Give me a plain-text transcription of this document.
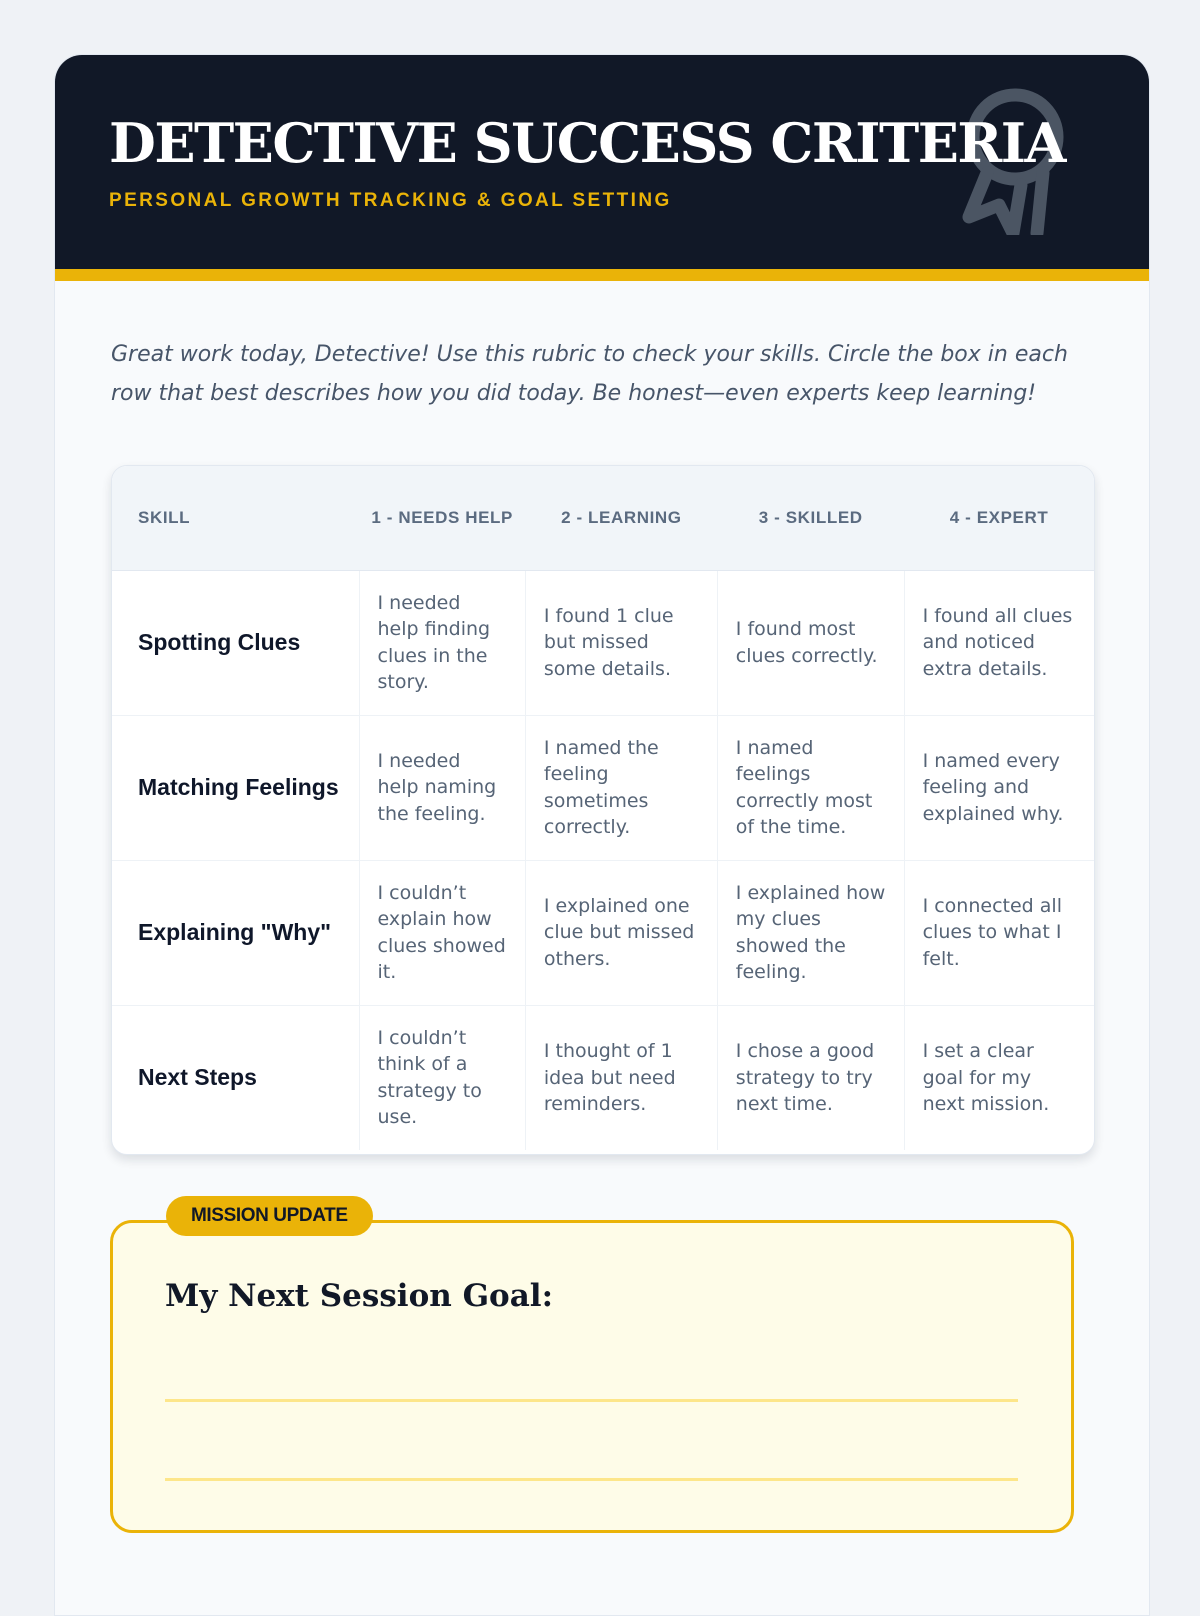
DETECTIVE SUCCESS CRITERIA
PERSONAL GROWTH TRACKING & GOAL SETTING

Great work today, Detective! Use this rubric to check your skills. Circle the box in each row that best describes how you did today. Be honest—even experts keep learning!

SKILL	1 - NEEDS HELP	2 - LEARNING	3 - SKILLED	4 - EXPERT
Spotting Clues	I needed help finding clues in the story.	I found 1 clue but missed some details.	I found most clues correctly.	I found all clues and noticed extra details.
Matching Feelings	I needed help naming the feeling.	I named the feeling sometimes correctly.	I named feelings correctly most of the time.	I named every feeling and explained why.
Explaining "Why"	I couldn’t explain how clues showed it.	I explained one clue but missed others.	I explained how my clues showed the feeling.	I connected all clues to what I felt.
Next Steps	I couldn’t think of a strategy to use.	I thought of 1 idea but need reminders.	I chose a good strategy to try next time.	I set a clear goal for my next mission.
MISSION UPDATE
My Next Session Goal:
